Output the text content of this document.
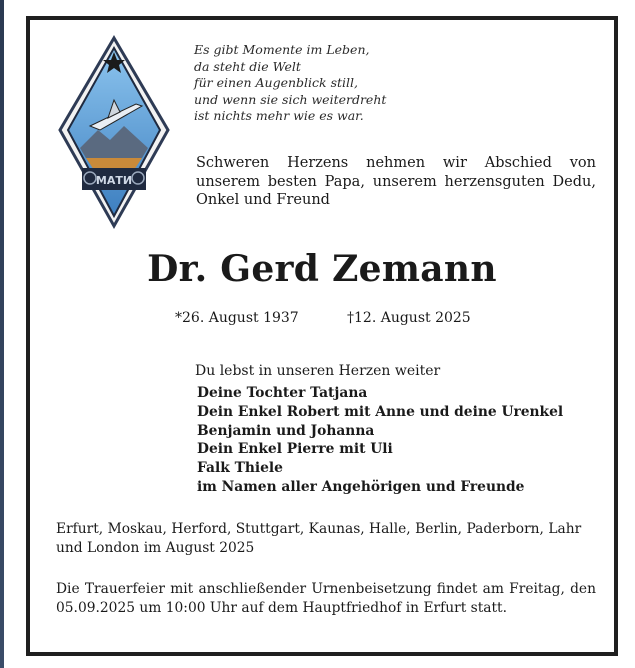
МАТИ
Es gibt Momente im Leben,
da steht die Welt
für einen Augenblick still,
und wenn sie sich weiterdreht
ist nichts mehr wie es war.
Schweren Herzens nehmen wir Abschied von unserem besten Papa, unserem herzensguten Dedu, Onkel und Freund
Dr. Gerd Zemann
*26. August 1937	†12. August 2025
Du lebst in unseren Herzen weiter
Deine Tochter Tatjana
Dein Enkel Robert mit Anne und deine Urenkel
Benjamin und Johanna
Dein Enkel Pierre mit Uli
Falk Thiele
im Namen aller Angehörigen und Freunde
Erfurt, Moskau, Herford, Stuttgart, Kaunas, Halle, Berlin, Paderborn, Lahr und London im August 2025
Die Trauerfeier mit anschließender Urnenbeisetzung findet am Freitag, den 05.09.2025 um 10:00 Uhr auf dem Hauptfriedhof in Erfurt statt.
